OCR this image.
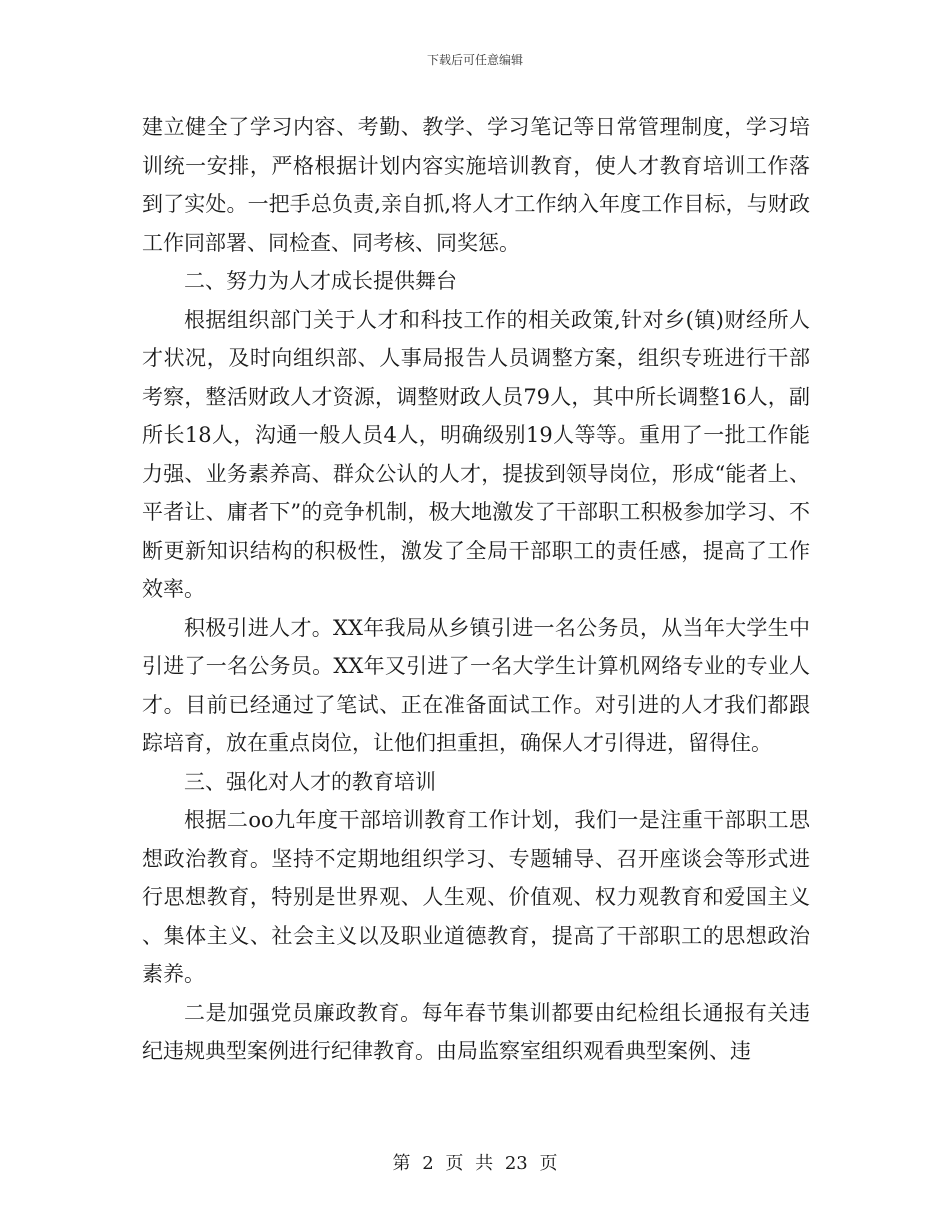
下载后可任意编辑

建立健全了学习内容、考勤、教学、学习笔记等日常管理制度，学习培训统一安排，严格根据计划内容实施培训教育，使人才教育培训工作落到了实处。一把手总负责,亲自抓,将人才工作纳入年度工作目标，与财政工作同部署、同检查、同考核、同奖惩。

二、努力为人才成长提供舞台

根据组织部门关于人才和科技工作的相关政策,针对乡(镇)财经所人才状况，及时向组织部、人事局报告人员调整方案，组织专班进行干部考察，整活财政人才资源，调整财政人员79人，其中所长调整16人，副所长18人，沟通一般人员4人，明确级别19人等等。重用了一批工作能力强、业务素养高、群众公认的人才，提拔到领导岗位，形成“能者上、平者让、庸者下”的竞争机制，极大地激发了干部职工积极参加学习、不断更新知识结构的积极性，激发了全局干部职工的责任感，提高了工作效率。

积极引进人才。XX年我局从乡镇引进一名公务员，从当年大学生中引进了一名公务员。XX年又引进了一名大学生计算机网络专业的专业人才。目前已经通过了笔试、正在准备面试工作。对引进的人才我们都跟踪培育，放在重点岗位，让他们担重担，确保人才引得进，留得住。

三、强化对人才的教育培训

根据二oo九年度干部培训教育工作计划，我们一是注重干部职工思想政治教育。坚持不定期地组织学习、专题辅导、召开座谈会等形式进行思想教育，特别是世界观、人生观、价值观、权力观教育和爱国主义、集体主义、社会主义以及职业道德教育，提高了干部职工的思想政治素养。

二是加强党员廉政教育。每年春节集训都要由纪检组长通报有关违纪违规典型案例进行纪律教育。由局监察室组织观看典型案例、违

第 2 页 共 23 页
